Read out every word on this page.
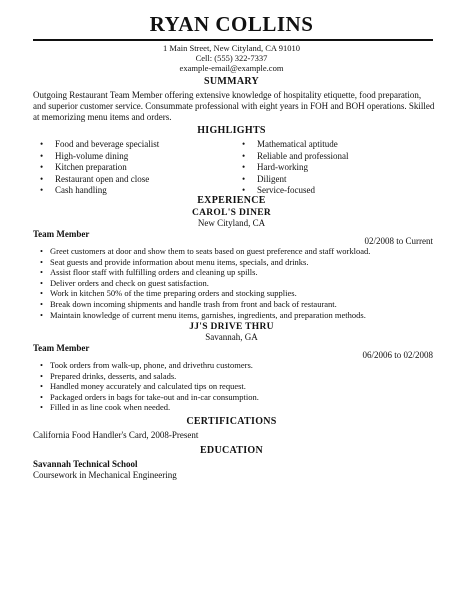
RYAN COLLINS
1 Main Street, New Cityland, CA 91010
Cell: (555) 322-7337
example-email@example.com
SUMMARY
Outgoing Restaurant Team Member offering extensive knowledge of hospitality etiquette, food preparation, and superior customer service. Consummate professional with eight years in FOH and BOH operations. Skilled at memorizing menu items and orders.
HIGHLIGHTS
• Food and beverage specialist
• High-volume dining
• Kitchen preparation
• Restaurant open and close
• Cash handling
• Mathematical aptitude
• Reliable and professional
• Hard-working
• Diligent
• Service-focused
EXPERIENCE
CAROL'S DINER
New Cityland, CA
Team Member
02/2008 to Current
• Greet customers at door and show them to seats based on guest preference and staff workload.
• Seat guests and provide information about menu items, specials, and drinks.
• Assist floor staff with fulfilling orders and cleaning up spills.
• Deliver orders and check on guest satisfaction.
• Work in kitchen 50% of the time preparing orders and stocking supplies.
• Break down incoming shipments and handle trash from front and back of restaurant.
• Maintain knowledge of current menu items, garnishes, ingredients, and preparation methods.
JJ'S DRIVE THRU
Savannah, GA
Team Member
06/2006 to 02/2008
• Took orders from walk-up, phone, and drivethru customers.
• Prepared drinks, desserts, and salads.
• Handled money accurately and calculated tips on request.
• Packaged orders in bags for take-out and in-car consumption.
• Filled in as line cook when needed.
CERTIFICATIONS
California Food Handler's Card, 2008-Present
EDUCATION
Savannah Technical School
Coursework in Mechanical Engineering
